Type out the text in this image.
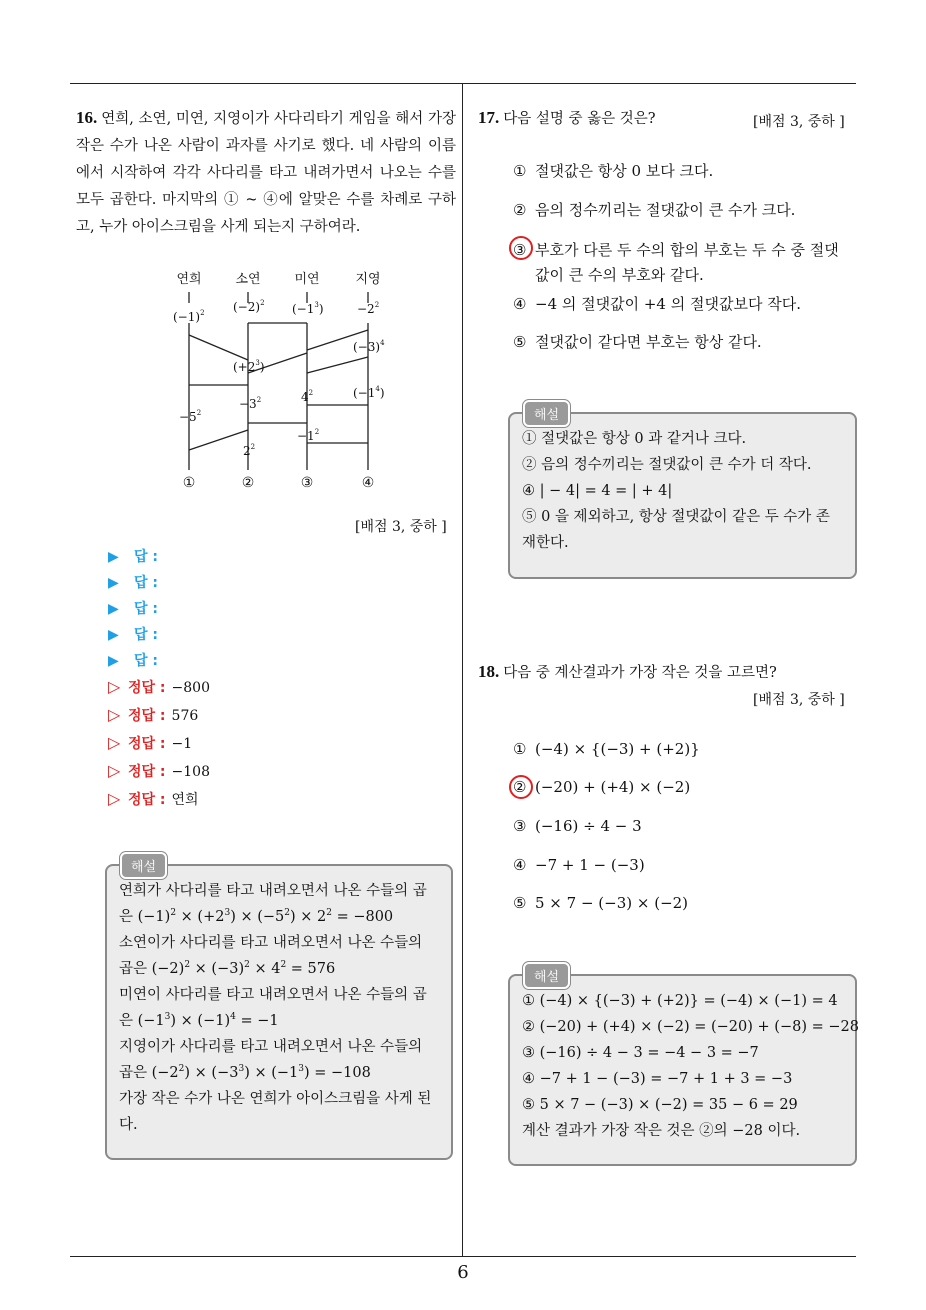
16. 연희, 소연, 미연, 지영이가 사다리타기 게임을 해서 가장 작은 수가 나온 사람이 과자를 사기로 했다. 네 사람의 이름에서 시작하여 각각 사다리를 타고 내려가면서 나오는 수를 모두 곱한다. 마지막의 ① ~ ④에 알맞은 수를 차례로 구하고, 누가 아이스크림을 사게 되는지 구하여라.
연희	소연	미연	지영
$(-1)^2$ $(-2)^2$ $(-1^3)$	$-2^2$
$(-3)^4$
$(+2^3)$
$(-1^4)$
$4^2$
$-3^2$
$-5^2$
$-1^2$
$2^2$
①	②	③	④
[배점 3, 중하 ]
▶ 답 :
▶ 답 :
▶ 답 :
▶ 답 :
▶ 답 :
▷ 정답 : −800
▷ 정답 : 576
▷ 정답 : −1
▷ 정답 : −108
▷ 정답 : 연희
연희가 사다리를 타고 내려오면서 나온 수들의 곱은 $(-1)^2 \times (+2^3) \times (-5^2) \times 2^2 = -800$
소연이가 사다리를 타고 내려오면서 나온 수들의 곱은 $(-2)^2 \times (-3)^2 \times 4^2 = 576$
미연이 사다리를 타고 내려오면서 나온 수들의 곱은 $(-1^3) \times (-1)^4 = -1$
지영이가 사다리를 타고 내려오면서 나온 수들의 곱은 $(-2^2) \times (-3^3) \times (-1^3) = -108$
가장 작은 수가 나온 연희가 아이스크림을 사게 된다.
해설
17. 다음 설명 중 옳은 것은?	[배점 3, 중하 ]
① 절댓값은 항상 0 보다 크다.
② 음의 정수끼리는 절댓값이 큰 수가 크다.
③ 부호가 다른 두 수의 합의 부호는 두 수 중 절댓
값이 큰 수의 부호와 같다.
④ −4 의 절댓값이 +4 의 절댓값보다 작다.
⑤ 절댓값이 같다면 부호는 항상 같다.
① 절댓값은 항상 0 과 같거나 크다.
② 음의 정수끼리는 절댓값이 큰 수가 더 작다.
④ | − 4| = 4 = | + 4|
⑤ 0 을 제외하고, 항상 절댓값이 같은 두 수가 존재한다.
해설
18. 다음 중 계산결과가 가장 작은 것을 고르면?
[배점 3, 중하 ]
① (−4) × {(−3) + (+2)}
② (−20) + (+4) × (−2)
③ (−16) ÷ 4 − 3
④ −7 + 1 − (−3)
⑤ 5 × 7 − (−3) × (−2)
① (−4) × {(−3) + (+2)} = (−4) × (−1) = 4
② (−20) + (+4) × (−2) = (−20) + (−8) = −28
③ (−16) ÷ 4 − 3 = −4 − 3 = −7
④ −7 + 1 − (−3) = −7 + 1 + 3 = −3
⑤ 5 × 7 − (−3) × (−2) = 35 − 6 = 29
계산 결과가 가장 작은 것은 ②의 −28 이다.
해설
6
